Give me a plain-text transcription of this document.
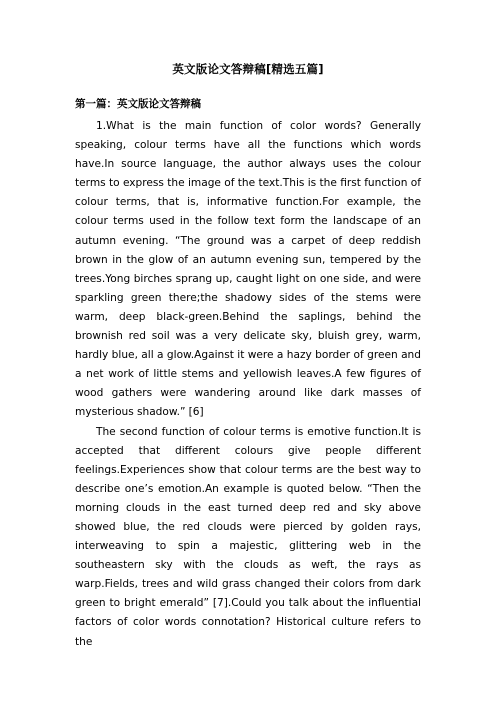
英文版论文答辩稿[精选五篇]
第一篇：英文版论文答辩稿

1.What is the main function of color words? Generally speaking, colour terms have all the functions which words have.In source language, the author always uses the colour terms to express the image of the text.This is the first function of colour terms, that is, informative function.For example, the colour terms used in the follow text form the landscape of an autumn evening. “The ground was a carpet of deep reddish brown in the glow of an autumn evening sun, tempered by the trees.Yong birches sprang up, caught light on one side, and were sparkling green there;the shadowy sides of the stems were warm, deep black-green.Behind the saplings, behind the brownish red soil was a very delicate sky, bluish grey, warm, hardly blue, all a glow.Against it were a hazy border of green and a net work of little stems and yellowish leaves.A few figures of wood gathers were wandering around like dark masses of mysterious shadow.” [6]

The second function of colour terms is emotive function.It is accepted that different colours give people different feelings.Experiences show that colour terms are the best way to describe one’s emotion.An example is quoted below. “Then the morning clouds in the east turned deep red and sky above showed blue, the red clouds were pierced by golden rays, interweaving to spin a majestic, glittering web in the southeastern sky with the clouds as weft, the rays as warp.Fields, trees and wild grass changed their colors from dark green to bright emerald” [7].Could you talk about the influential factors of color words connotation? Historical culture refers to the
